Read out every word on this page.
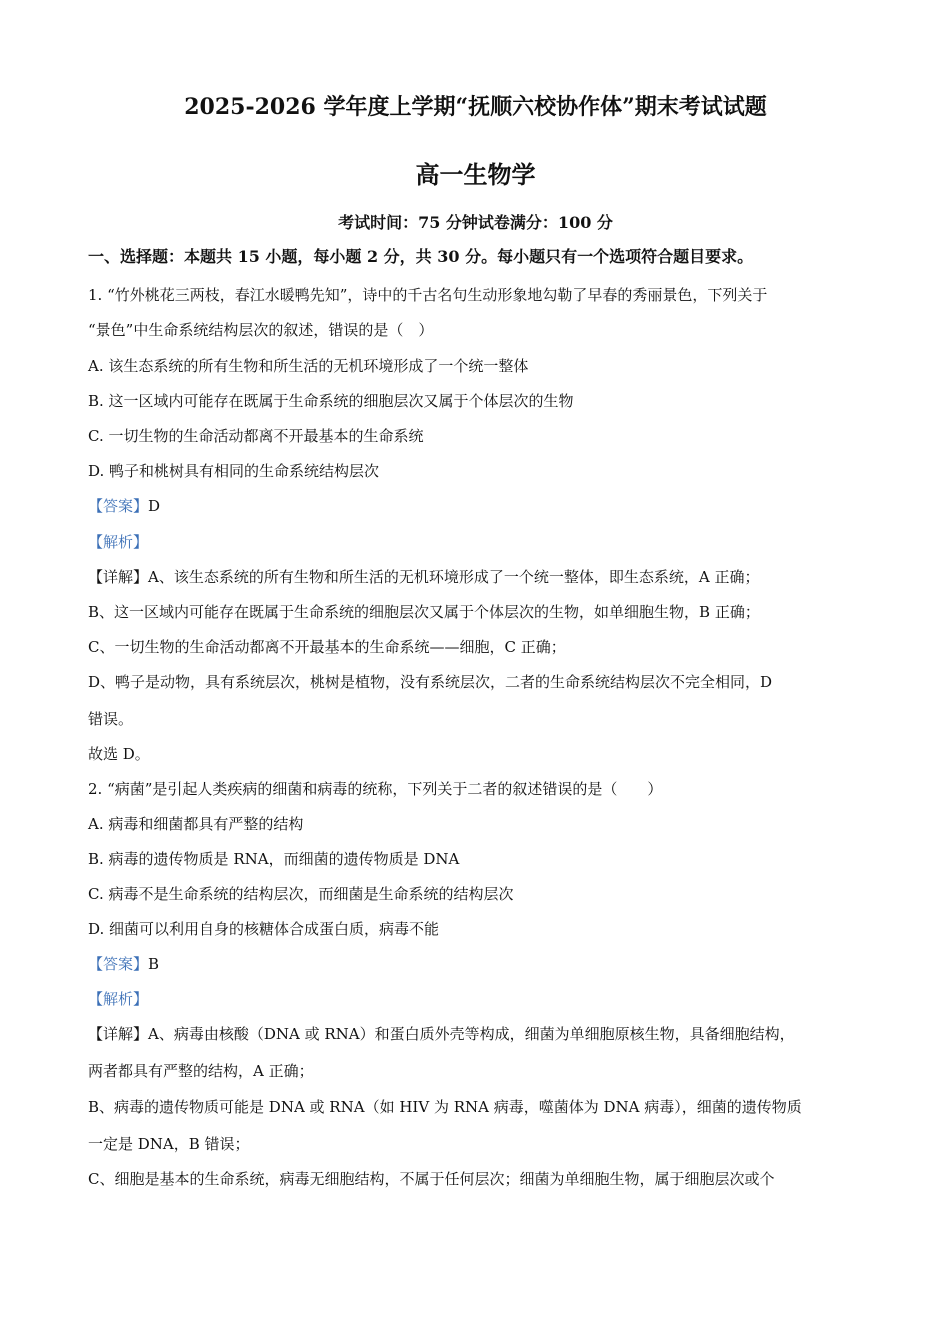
2025-2026 学年度上学期“抚顺六校协作体”期末考试试题
高一生物学
考试时间：75 分钟试卷满分：100 分
一、选择题：本题共 15 小题，每小题 2 分，共 30 分。每小题只有一个选项符合题目要求。
1. “竹外桃花三两枝，春江水暖鸭先知”，诗中的千古名句生动形象地勾勒了早春的秀丽景色，下列关于
“景色”中生命系统结构层次的叙述，错误的是（　）
A. 该生态系统的所有生物和所生活的无机环境形成了一个统一整体
B. 这一区域内可能存在既属于生命系统的细胞层次又属于个体层次的生物
C. 一切生物的生命活动都离不开最基本的生命系统
D. 鸭子和桃树具有相同的生命系统结构层次
【答案】D
【解析】
【详解】A、该生态系统的所有生物和所生活的无机环境形成了一个统一整体，即生态系统，A 正确；
B、这一区域内可能存在既属于生命系统的细胞层次又属于个体层次的生物，如单细胞生物，B 正确；
C、一切生物的生命活动都离不开最基本的生命系统——细胞，C 正确；
D、鸭子是动物，具有系统层次，桃树是植物，没有系统层次，二者的生命系统结构层次不完全相同，D
错误。
故选 D。
2. “病菌”是引起人类疾病的细菌和病毒的统称，下列关于二者的叙述错误的是（　　）
A. 病毒和细菌都具有严整的结构
B. 病毒的遗传物质是 RNA，而细菌的遗传物质是 DNA
C. 病毒不是生命系统的结构层次，而细菌是生命系统的结构层次
D. 细菌可以利用自身的核糖体合成蛋白质，病毒不能
【答案】B
【解析】
【详解】A、病毒由核酸（DNA 或 RNA）和蛋白质外壳等构成，细菌为单细胞原核生物，具备细胞结构，
两者都具有严整的结构，A 正确；
B、病毒的遗传物质可能是 DNA 或 RNA（如 HIV 为 RNA 病毒，噬菌体为 DNA 病毒），细菌的遗传物质
一定是 DNA，B 错误；
C、细胞是基本的生命系统，病毒无细胞结构，不属于任何层次；细菌为单细胞生物，属于细胞层次或个
